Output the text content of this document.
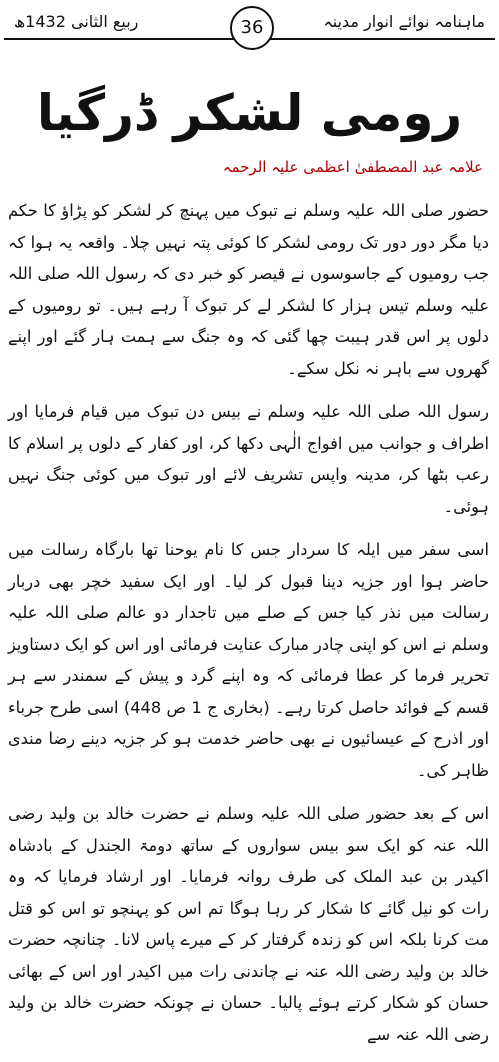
ماہنامہ نوائے انوار مدینہ
ربیع الثانی 1432ھ	36
رومی لشکر ڈرگیا
علامہ عبد المصطفیٰ اعظمی علیہ الرحمہ

حضور صلی اللہ علیہ وسلم نے تبوک میں پہنچ کر لشکر کو پڑاؤ کا حکم دیا مگر دور دور تک رومی لشکر کا کوئی پتہ نہیں چلا۔ واقعہ یہ ہوا کہ جب رومیوں کے جاسوسوں نے قیصر کو خبر دی کہ رسول اللہ صلی اللہ علیہ وسلم تیس ہزار کا لشکر لے کر تبوک آ رہے ہیں۔ تو رومیوں کے دلوں پر اس قدر ہیبت چھا گئی کہ وہ جنگ سے ہمت ہار گئے اور اپنے گھروں سے باہر نہ نکل سکے۔

رسول اللہ صلی اللہ علیہ وسلم نے بیس دن تبوک میں قیام فرمایا اور اطراف و جوانب میں افواج الٰہی دکھا کر، اور کفار کے دلوں پر اسلام کا رعب بٹھا کر، مدینہ واپس تشریف لائے اور تبوک میں کوئی جنگ نہیں ہوئی۔

اسی سفر میں ایلہ کا سردار جس کا نام یوحنا تھا بارگاہ رسالت میں حاضر ہوا اور جزیہ دینا قبول کر لیا۔ اور ایک سفید خچر بھی دربار رسالت میں نذر کیا جس کے صلے میں تاجدار دو عالم صلی اللہ علیہ وسلم نے اس کو اپنی چادر مبارک عنایت فرمائی اور اس کو ایک دستاویز تحریر فرما کر عطا فرمائی کہ وہ اپنے گرد و پیش کے سمندر سے ہر قسم کے فوائد حاصل کرتا رہے۔ (بخاری ج 1 ص 448) اسی طرح جرباء اور اذرح کے عیسائیوں نے بھی حاضر خدمت ہو کر جزیہ دینے رضا مندی ظاہر کی۔

اس کے بعد حضور صلی اللہ علیہ وسلم نے حضرت خالد بن ولید رضی اللہ عنہ کو ایک سو بیس سواروں کے ساتھ دومۃ الجندل کے بادشاہ اکیدر بن عبد الملک کی طرف روانہ فرمایا۔ اور ارشاد فرمایا کہ وہ رات کو نیل گائے کا شکار کر رہا ہوگا تم اس کو پہنچو تو اس کو قتل مت کرنا بلکہ اس کو زندہ گرفتار کر کے میرے پاس لانا۔ چنانچہ حضرت خالد بن ولید رضی اللہ عنہ نے چاندنی رات میں اکیدر اور اس کے بھائی حسان کو شکار کرتے ہوئے پالیا۔ حسان نے چونکہ حضرت خالد بن ولید رضی اللہ عنہ سے
